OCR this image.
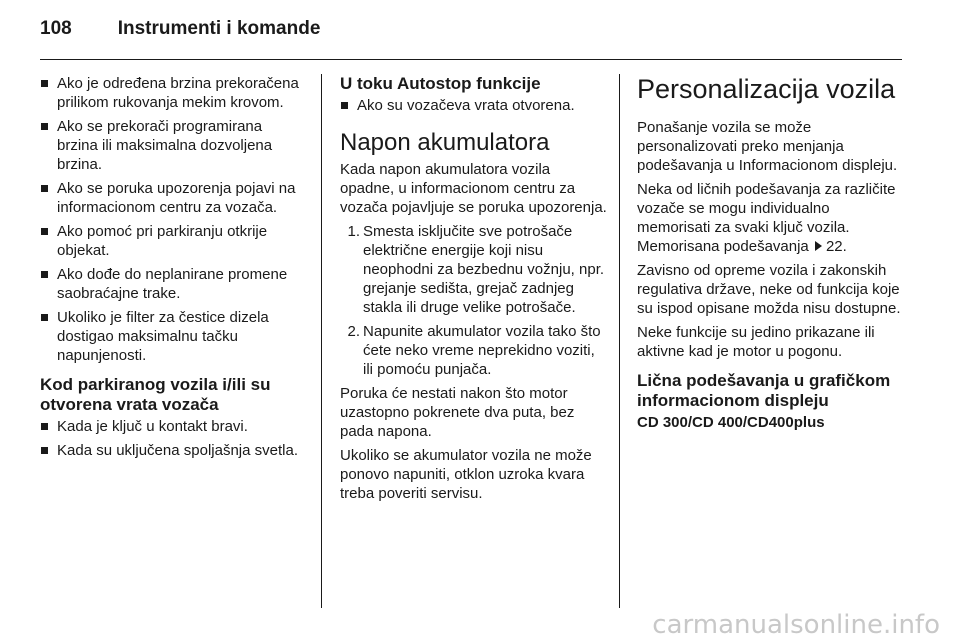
108 Instrumenti i komande
Ako je određena brzina prekoračena prilikom rukovanja mekim krovom.
Ako se prekorači programirana brzina ili maksimalna dozvoljena brzina.
Ako se poruka upozorenja pojavi na informacionom centru za vozača.
Ako pomoć pri parkiranju otkrije objekat.
Ako dođe do neplanirane promene saobraćajne trake.
Ukoliko je filter za čestice dizela dostigao maksimalnu tačku napunjenosti.
Kod parkiranog vozila i/ili su otvorena vrata vozača
Kada je ključ u kontakt bravi.
Kada su uključena spoljašnja svetla.
U toku Autostop funkcije
Ako su vozačeva vrata otvorena.
Napon akumulatora

Kada napon akumulatora vozila opadne, u informacionom centru za vozača pojavljuje se poruka upozorenja.

1. Smesta isključite sve potrošače električne energije koji nisu neophodni za bezbednu vožnju, npr. grejanje sedišta, grejač zadnjeg stakla ili druge velike potrošače.
2. Napunite akumulator vozila tako što ćete neko vreme neprekidno voziti, ili pomoću punjača.

Poruka će nestati nakon što motor uzastopno pokrenete dva puta, bez pada napona.

Ukoliko se akumulator vozila ne može ponovo napuniti, otklon uzroka kvara treba poveriti servisu.

Personalizacija vozila

Ponašanje vozila se može personalizovati preko menjanja podešavanja u Informacionom displeju.

Neka od ličnih podešavanja za različite vozače se mogu individualno memorisati za svaki ključ vozila. Memorisana podešavanja 22.

Zavisno od opreme vozila i zakonskih regulativa države, neke od funkcija koje su ispod opisane možda nisu dostupne.

Neke funkcije su jedino prikazane ili aktivne kad je motor u pogonu.

Lična podešavanja u grafičkom informacionom displeju
CD 300/CD 400/CD400plus
carmanualsonline.info
